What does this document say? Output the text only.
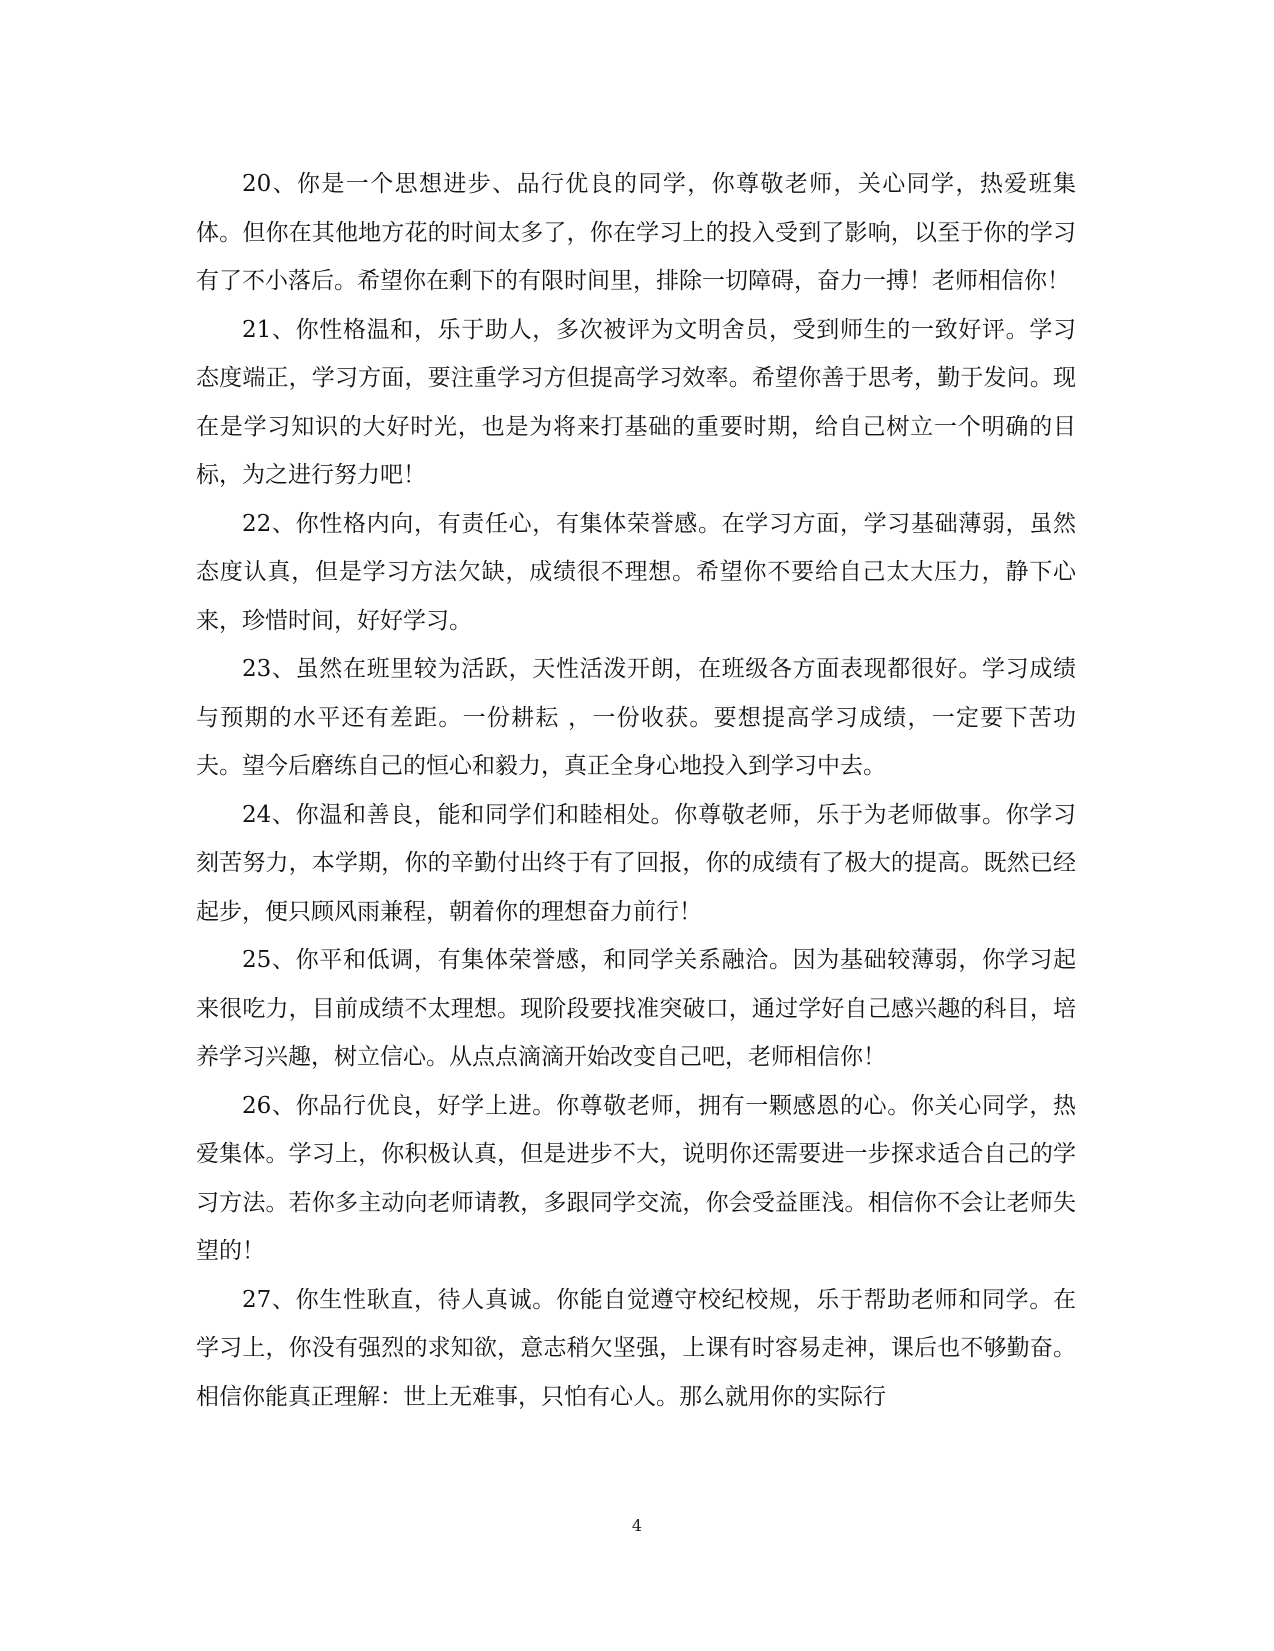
20、你是一个思想进步、品行优良的同学，你尊敬老师，关心同学，热爱班集体。但你在其他地方花的时间太多了，你在学习上的投入受到了影响，以至于你的学习有了不小落后。希望你在剩下的有限时间里，排除一切障碍，奋力一搏！老师相信你！

21、你性格温和，乐于助人，多次被评为文明舍员，受到师生的一致好评。学习态度端正，学习方面，要注重学习方但提高学习效率。希望你善于思考，勤于发问。现在是学习知识的大好时光，也是为将来打基础的重要时期，给自己树立一个明确的目标，为之进行努力吧！

22、你性格内向，有责任心，有集体荣誉感。在学习方面，学习基础薄弱，虽然态度认真，但是学习方法欠缺，成绩很不理想。希望你不要给自己太大压力，静下心来，珍惜时间，好好学习。

23、虽然在班里较为活跃，天性活泼开朗，在班级各方面表现都很好。学习成绩与预期的水平还有差距。一份耕耘 ，一份收获。要想提高学习成绩，一定要下苦功夫。望今后磨练自己的恒心和毅力，真正全身心地投入到学习中去。

24、你温和善良，能和同学们和睦相处。你尊敬老师，乐于为老师做事。你学习刻苦努力，本学期，你的辛勤付出终于有了回报，你的成绩有了极大的提高。既然已经起步，便只顾风雨兼程，朝着你的理想奋力前行！

25、你平和低调，有集体荣誉感，和同学关系融洽。因为基础较薄弱，你学习起来很吃力，目前成绩不太理想。现阶段要找准突破口，通过学好自己感兴趣的科目，培养学习兴趣，树立信心。从点点滴滴开始改变自己吧，老师相信你！

26、你品行优良，好学上进。你尊敬老师，拥有一颗感恩的心。你关心同学，热爱集体。学习上，你积极认真，但是进步不大，说明你还需要进一步探求适合自己的学习方法。若你多主动向老师请教，多跟同学交流，你会受益匪浅。相信你不会让老师失望的！

27、你生性耿直，待人真诚。你能自觉遵守校纪校规，乐于帮助老师和同学。在学习上，你没有强烈的求知欲，意志稍欠坚强，上课有时容易走神，课后也不够勤奋。相信你能真正理解：世上无难事，只怕有心人。那么就用你的实际行

4
